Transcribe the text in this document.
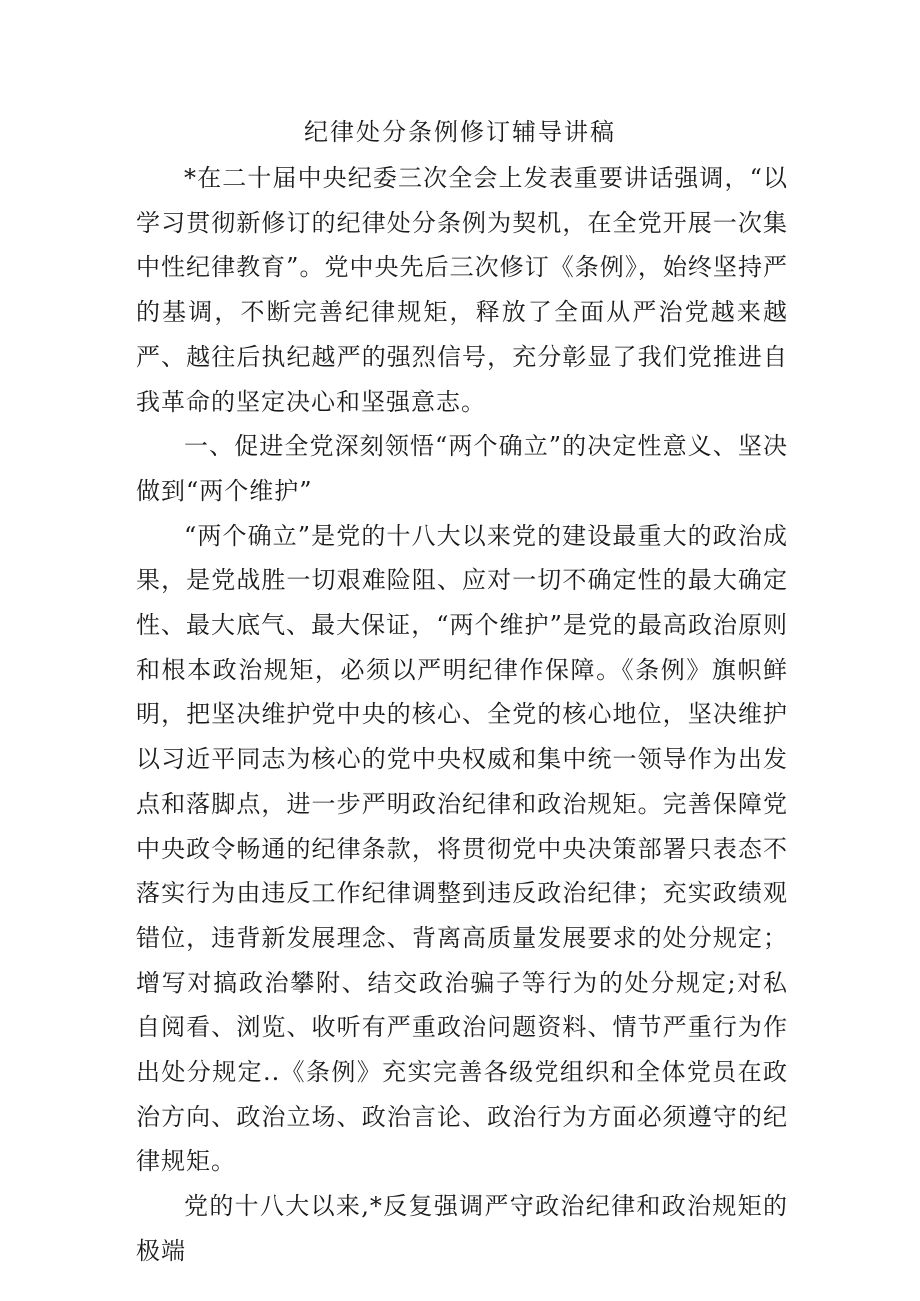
纪律处分条例修订辅导讲稿

*在二十届中央纪委三次全会上发表重要讲话强调，“以学习贯彻新修订的纪律处分条例为契机，在全党开展一次集中性纪律教育”。党中央先后三次修订《条例》，始终坚持严的基调，不断完善纪律规矩，释放了全面从严治党越来越严、越往后执纪越严的强烈信号，充分彰显了我们党推进自我革命的坚定决心和坚强意志。

一、促进全党深刻领悟“两个确立”的决定性意义、坚决做到“两个维护”

“两个确立”是党的十八大以来党的建设最重大的政治成果，是党战胜一切艰难险阻、应对一切不确定性的最大确定性、最大底气、最大保证，“两个维护”是党的最高政治原则和根本政治规矩，必须以严明纪律作保障。《条例》旗帜鲜明，把坚决维护党中央的核心、全党的核心地位，坚决维护以习近平同志为核心的党中央权威和集中统一领导作为出发点和落脚点，进一步严明政治纪律和政治规矩。完善保障党中央政令畅通的纪律条款，将贯彻党中央决策部署只表态不落实行为由违反工作纪律调整到违反政治纪律；充实政绩观错位，违背新发展理念、背离高质量发展要求的处分规定；增写对搞政治攀附、结交政治骗子等行为的处分规定;对私自阅看、浏览、收听有严重政治问题资料、情节严重行为作出处分规定..《条例》充实完善各级党组织和全体党员在政治方向、政治立场、政治言论、政治行为方面必须遵守的纪律规矩。

党的十八大以来,*反复强调严守政治纪律和政治规矩的极端
